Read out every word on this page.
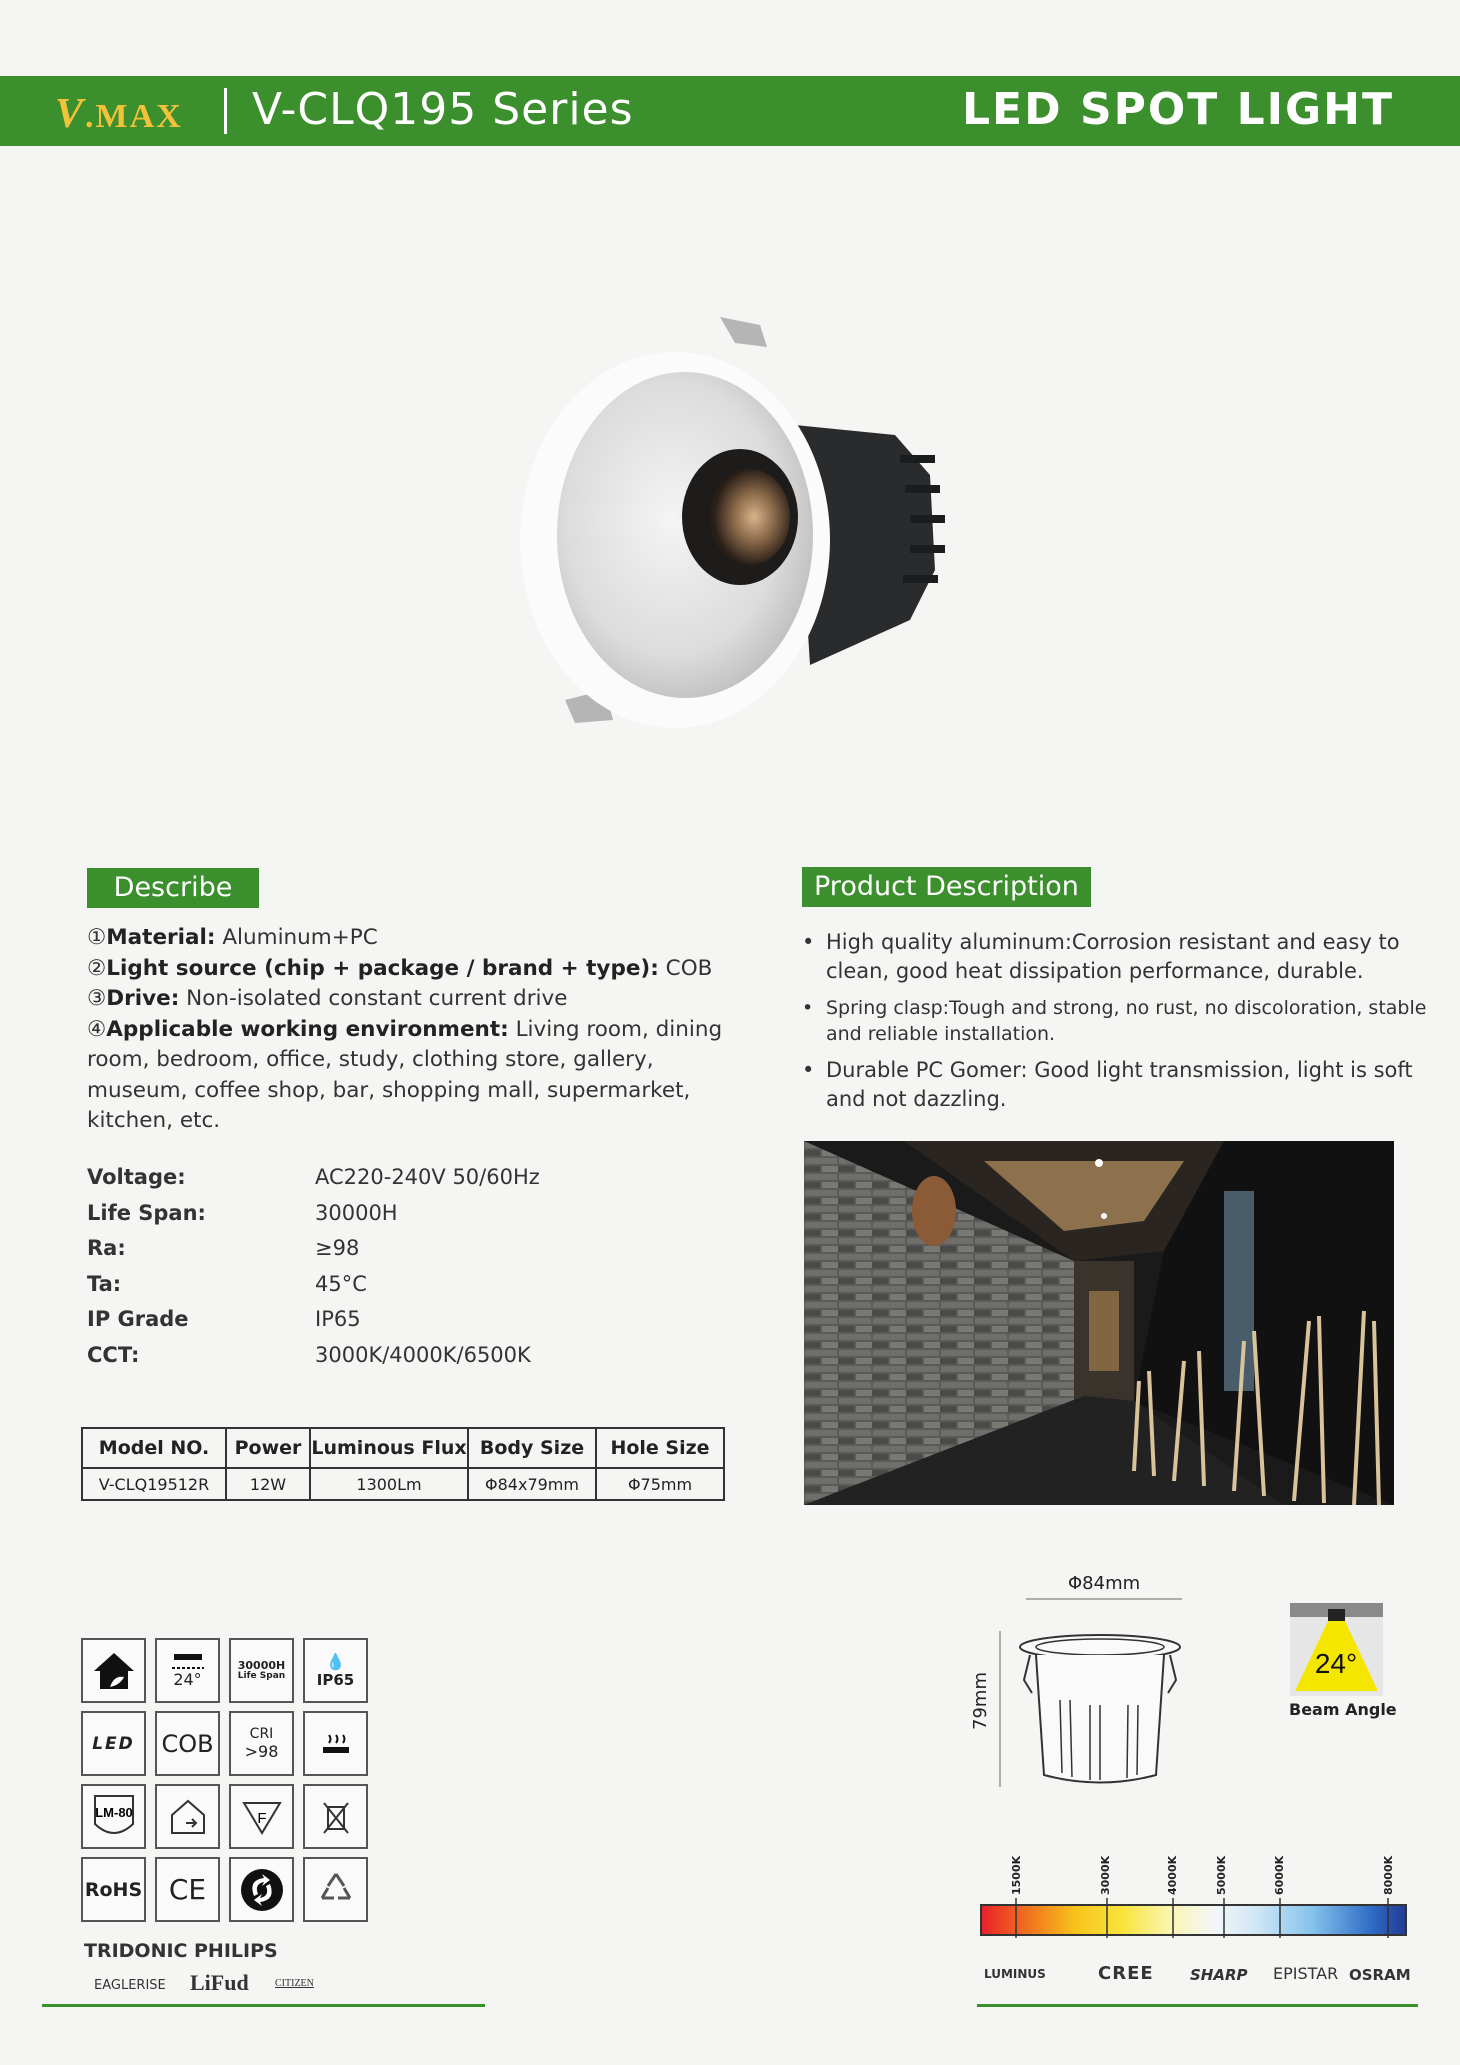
V.MAX V-CLQ195 Series	LED SPOT LIGHT
Describe
①Material: Aluminum+PC
②Light source (chip + package / brand + type): COB
③Drive: Non-isolated constant current drive
④Applicable working environment: Living room, dining room, bedroom, office, study, clothing store, gallery, museum, coffee shop, bar, shopping mall, supermarket, kitchen, etc.
Voltage:	AC220-240V 50/60Hz
Life Span:	30000H
Ra:	≥98
Ta:	45°C
IP Grade	IP65
CCT:	3000K/4000K/6500K
Model NO.	Power	Luminous Flux	Body Size	Hole Size
V-CLQ19512R	12W	1300Lm	Φ84x79mm	Φ75mm
Product Description
• High quality aluminum:Corrosion resistant and easy to clean, good heat dissipation performance, durable.
• Spring clasp:Tough and strong, no rust, no discoloration, stable and reliable installation.
• Durable PC Gomer: Good light transmission, light is soft and not dazzling.
24°
30000H
Life Span
💧
IP65
LED COB	CRI
>98
LM-80	F
RoHS CE
TRIDONIC PHILIPS
EAGLERISE LiFud	CITIZEN
Φ84mm
79mm
24°
Beam Angle
1500K	3000K	4000K	5000K	6000K	8000K
LUMINUS	CREE SHARP EPISTAR OSRAM
